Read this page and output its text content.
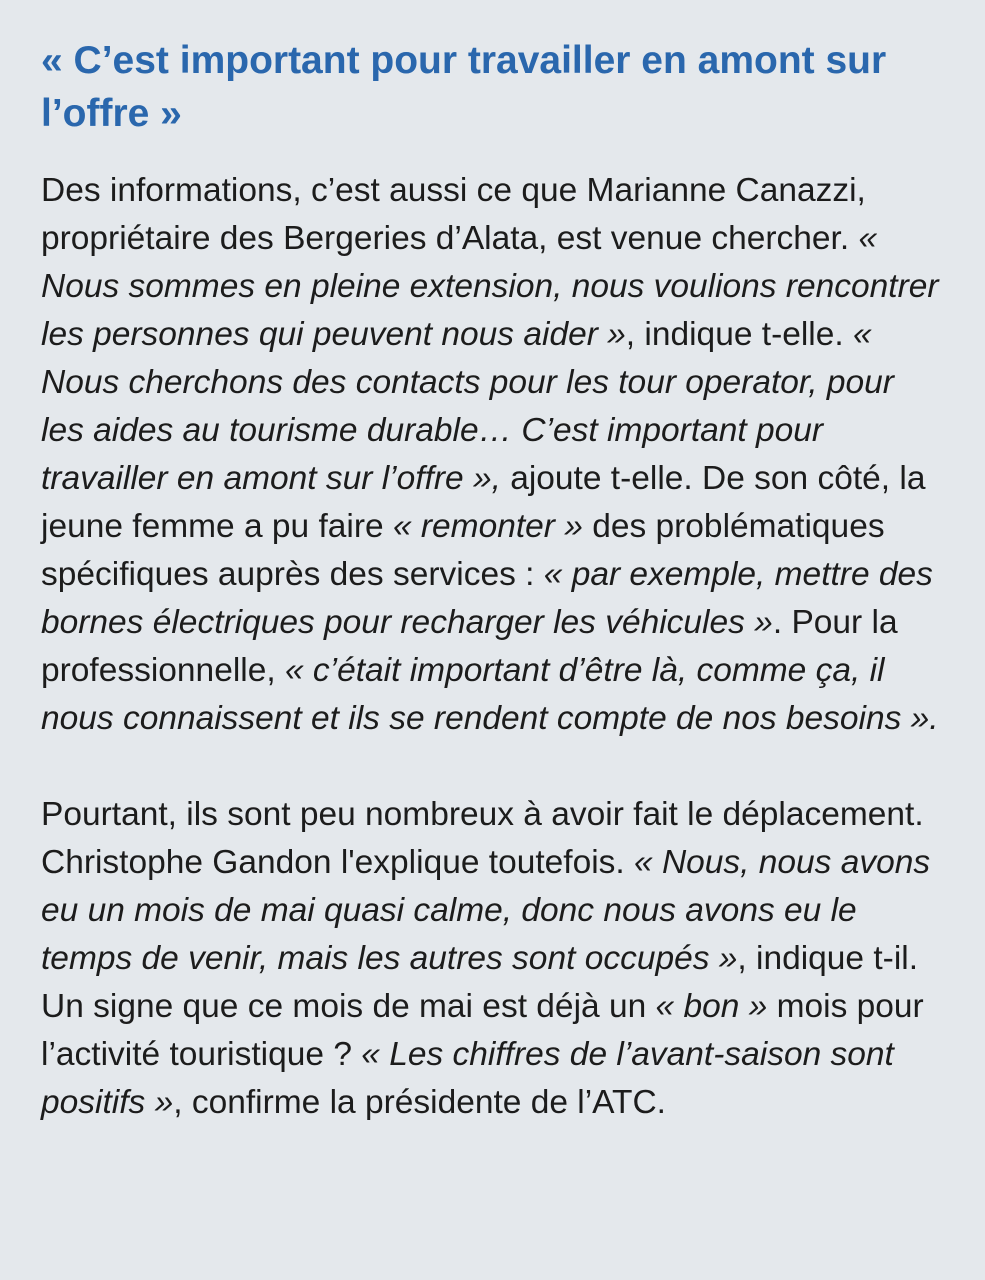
« C’est important pour travailler en amont sur l’offre »

Des informations, c’est aussi ce que Marianne Canazzi, propriétaire des Bergeries d’Alata, est venue chercher. « Nous sommes en pleine extension, nous voulions rencontrer les personnes qui peuvent nous aider », indique t-elle. « Nous cherchons des contacts pour les tour operator, pour les aides au tourisme durable… C’est important pour travailler en amont sur l’offre », ajoute t-elle. De son côté, la jeune femme a pu faire « remonter » des problématiques spécifiques auprès des services : « par exemple, mettre des bornes électriques pour recharger les véhicules ». Pour la professionnelle, « c’était important d’être là, comme ça, il nous connaissent et ils se rendent compte de nos besoins ».

Pourtant, ils sont peu nombreux à avoir fait le déplacement. Christophe Gandon l'explique toutefois. « Nous, nous avons eu un mois de mai quasi calme, donc nous avons eu le temps de venir, mais les autres sont occupés », indique t-il. Un signe que ce mois de mai est déjà un « bon » mois pour l’activité touristique ? « Les chiffres de l’avant-saison sont positifs », confirme la présidente de l’ATC.
